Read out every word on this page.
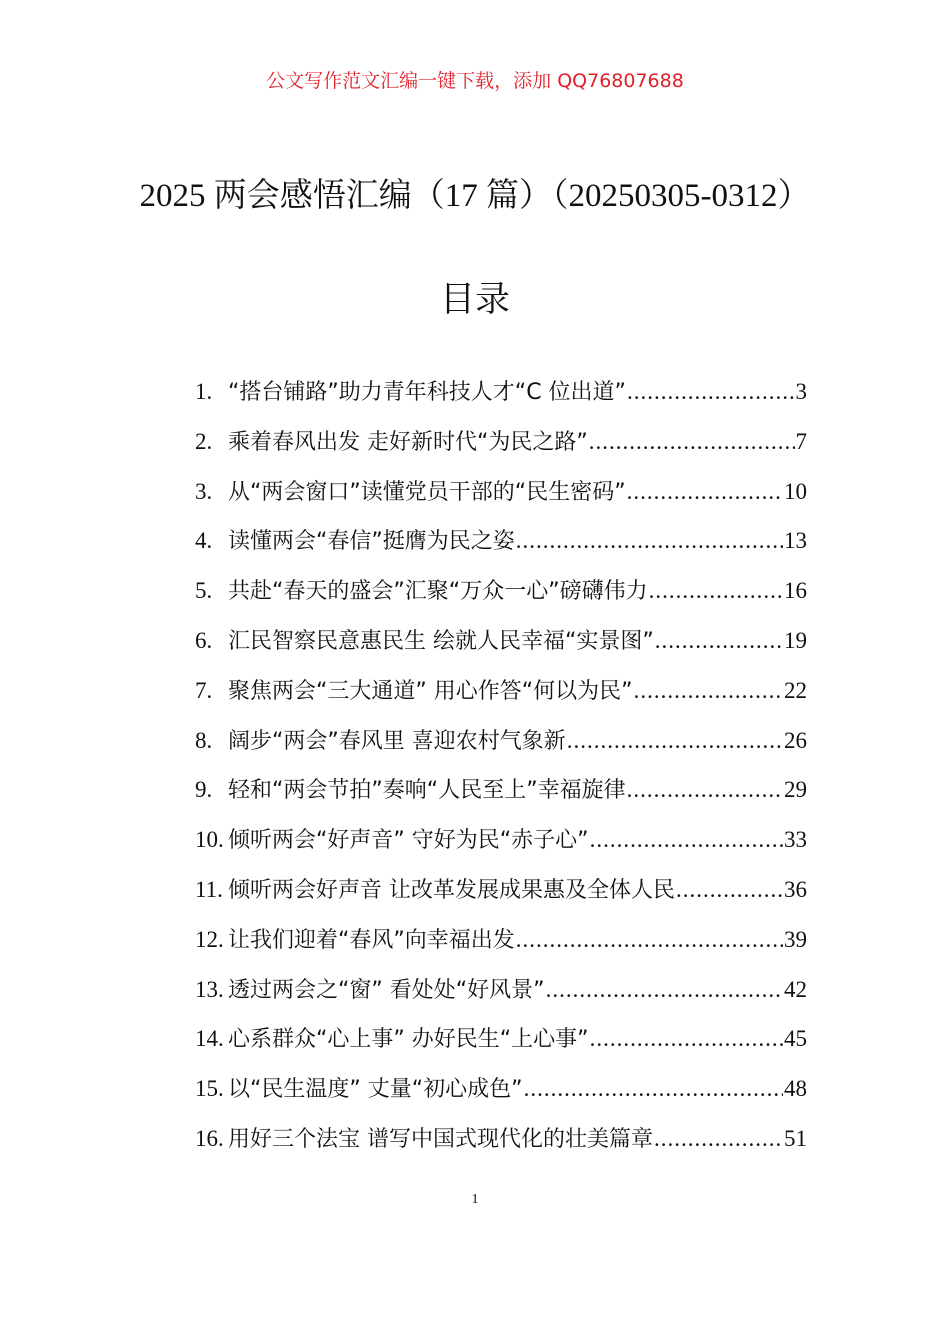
公文写作范文汇编一键下载，添加 QQ76807688
2025 两会感悟汇编（17 篇）（20250305-0312）
目录
1. “搭台铺路”助力青年科技人才“C 位出道” .....	3
2. 乘着春风出发 走好新时代“为民之路” .....	7
3. 从“两会窗口”读懂党员干部的“民生密码” .....	10
4. 读懂两会“春信”挺膺为民之姿 .....	13
5. 共赴“春天的盛会”汇聚“万众一心”磅礴伟力 .....	16
6. 汇民智察民意惠民生 绘就人民幸福“实景图” .....	19
7. 聚焦两会“三大通道” 用心作答“何以为民” .....	22
8. 阔步“两会”春风里 喜迎农村气象新 .....	26
9. 轻和“两会节拍”奏响“人民至上”幸福旋律 .....	29
10. 倾听两会“好声音” 守好为民“赤子心” .....	33
11. 倾听两会好声音 让改革发展成果惠及全体人民 .....	36
12. 让我们迎着“春风”向幸福出发 .....	39
13. 透过两会之“窗” 看处处“好风景” .....	42
14. 心系群众“心上事” 办好民生“上心事” .....	45
15. 以“民生温度” 丈量“初心成色” .....	48
16. 用好三个法宝 谱写中国式现代化的壮美篇章 .....	51
1
